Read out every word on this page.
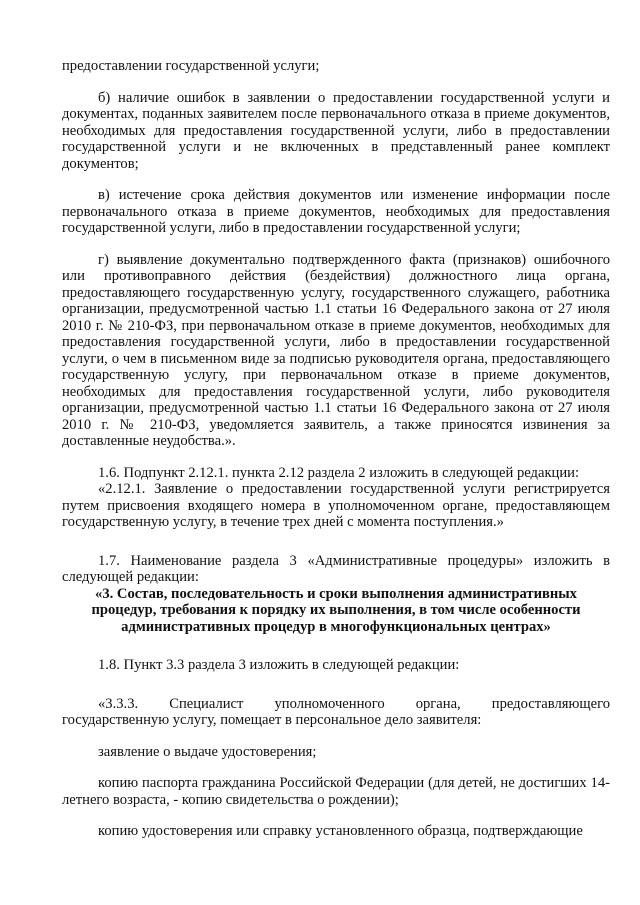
предоставлении государственной услуги;

б) наличие ошибок в заявлении о предоставлении государственной услуги и документах, поданных заявителем после первоначального отказа в приеме документов, необходимых для предоставления государственной услуги, либо в предоставлении государственной услуги и не включенных в представленный ранее комплект документов;

в) истечение срока действия документов или изменение информации после первоначального отказа в приеме документов, необходимых для предоставления государственной услуги, либо в предоставлении государственной услуги;

г) выявление документально подтвержденного факта (признаков) ошибочного или противоправного действия (бездействия) должностного лица органа, предоставляющего государственную услугу, государственного служащего, работника организации, предусмотренной частью 1.1 статьи 16 Федерального закона от 27 июля 2010 г. № 210-ФЗ, при первоначальном отказе в приеме документов, необходимых для предоставления государственной услуги, либо в предоставлении государственной услуги, о чем в письменном виде за подписью руководителя органа, предоставляющего государственную услугу, при первоначальном отказе в приеме документов, необходимых для предоставления государственной услуги, либо руководителя организации, предусмотренной частью 1.1 статьи 16 Федерального закона от 27 июля 2010 г. № 210-ФЗ, уведомляется заявитель, а также приносятся извинения за доставленные неудобства.».

1.6. Подпункт 2.12.1. пункта 2.12 раздела 2 изложить в следующей редакции:

«2.12.1. Заявление о предоставлении государственной услуги регистрируется путем присвоения входящего номера в уполномоченном органе, предоставляющем государственную услугу, в течение трех дней с момента поступления.»

1.7. Наименование раздела 3 «Административные процедуры» изложить в следующей редакции:

«3. Состав, последовательность и сроки выполнения административных процедур, требования к порядку их выполнения, в том числе особенности административных процедур в многофункциональных центрах»

1.8. Пункт 3.3 раздела 3 изложить в следующей редакции:

«3.3.3. Специалист уполномоченного органа, предоставляющего государственную услугу, помещает в персональное дело заявителя:

заявление о выдаче удостоверения;

копию паспорта гражданина Российской Федерации (для детей, не достигших 14-летнего возраста, - копию свидетельства о рождении);

копию удостоверения или справку установленного образца, подтверждающие
